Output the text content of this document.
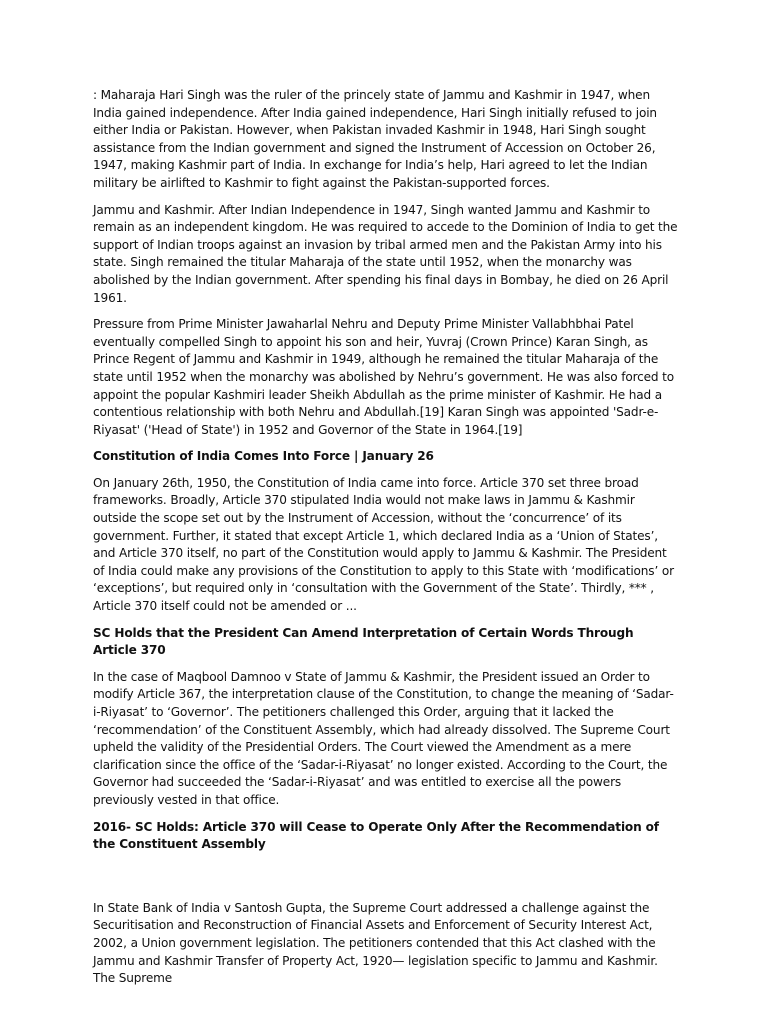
: Maharaja Hari Singh was the ruler of the princely state of Jammu and Kashmir in 1947, when India gained independence. After India gained independence, Hari Singh initially refused to join either India or Pakistan. However, when Pakistan invaded Kashmir in 1948, Hari Singh sought assistance from the Indian government and signed the Instrument of Accession on October 26, 1947, making Kashmir part of India. In exchange for India’s help, Hari agreed to let the Indian military be airlifted to Kashmir to fight against the Pakistan-supported forces.

Jammu and Kashmir. After Indian Independence in 1947, Singh wanted Jammu and Kashmir to remain as an independent kingdom. He was required to accede to the Dominion of India to get the support of Indian troops against an invasion by tribal armed men and the Pakistan Army into his state. Singh remained the titular Maharaja of the state until 1952, when the monarchy was abolished by the Indian government. After spending his final days in Bombay, he died on 26 April 1961.

Pressure from Prime Minister Jawaharlal Nehru and Deputy Prime Minister Vallabhbhai Patel eventually compelled Singh to appoint his son and heir, Yuvraj (Crown Prince) Karan Singh, as Prince Regent of Jammu and Kashmir in 1949, although he remained the titular Maharaja of the state until 1952 when the monarchy was abolished by Nehru’s government. He was also forced to appoint the popular Kashmiri leader Sheikh Abdullah as the prime minister of Kashmir. He had a contentious relationship with both Nehru and Abdullah.[19] Karan Singh was appointed 'Sadr-e-Riyasat' ('Head of State') in 1952 and Governor of the State in 1964.[19]

Constitution of India Comes Into Force | January 26

On January 26th, 1950, the Constitution of India came into force. Article 370 set three broad frameworks. Broadly, Article 370 stipulated India would not make laws in Jammu & Kashmir outside the scope set out by the Instrument of Accession, without the ‘concurrence’ of its government. Further, it stated that except Article 1, which declared India as a ‘Union of States’, and Article 370 itself, no part of the Constitution would apply to Jammu & Kashmir. The President of India could make any provisions of the Constitution to apply to this State with ‘modifications’ or ‘exceptions’, but required only in ‘consultation with the Government of the State’. Thirdly, *** , Article 370 itself could not be amended or ...

SC Holds that the President Can Amend Interpretation of Certain Words Through Article 370

In the case of Maqbool Damnoo v State of Jammu & Kashmir, the President issued an Order to modify Article 367, the interpretation clause of the Constitution, to change the meaning of ‘Sadar-i-Riyasat’ to ‘Governor’. The petitioners challenged this Order, arguing that it lacked the ‘recommendation’ of the Constituent Assembly, which had already dissolved. The Supreme Court upheld the validity of the Presidential Orders. The Court viewed the Amendment as a mere clarification since the office of the ‘Sadar-i-Riyasat’ no longer existed. According to the Court, the Governor had succeeded the ‘Sadar-i-Riyasat’ and was entitled to exercise all the powers previously vested in that office.

2016- SC Holds: Article 370 will Cease to Operate Only After the Recommendation of the Constituent Assembly

In State Bank of India v Santosh Gupta, the Supreme Court addressed a challenge against the Securitisation and Reconstruction of Financial Assets and Enforcement of Security Interest Act, 2002, a Union government legislation. The petitioners contended that this Act clashed with the Jammu and Kashmir Transfer of Property Act, 1920— legislation specific to Jammu and Kashmir. The Supreme
